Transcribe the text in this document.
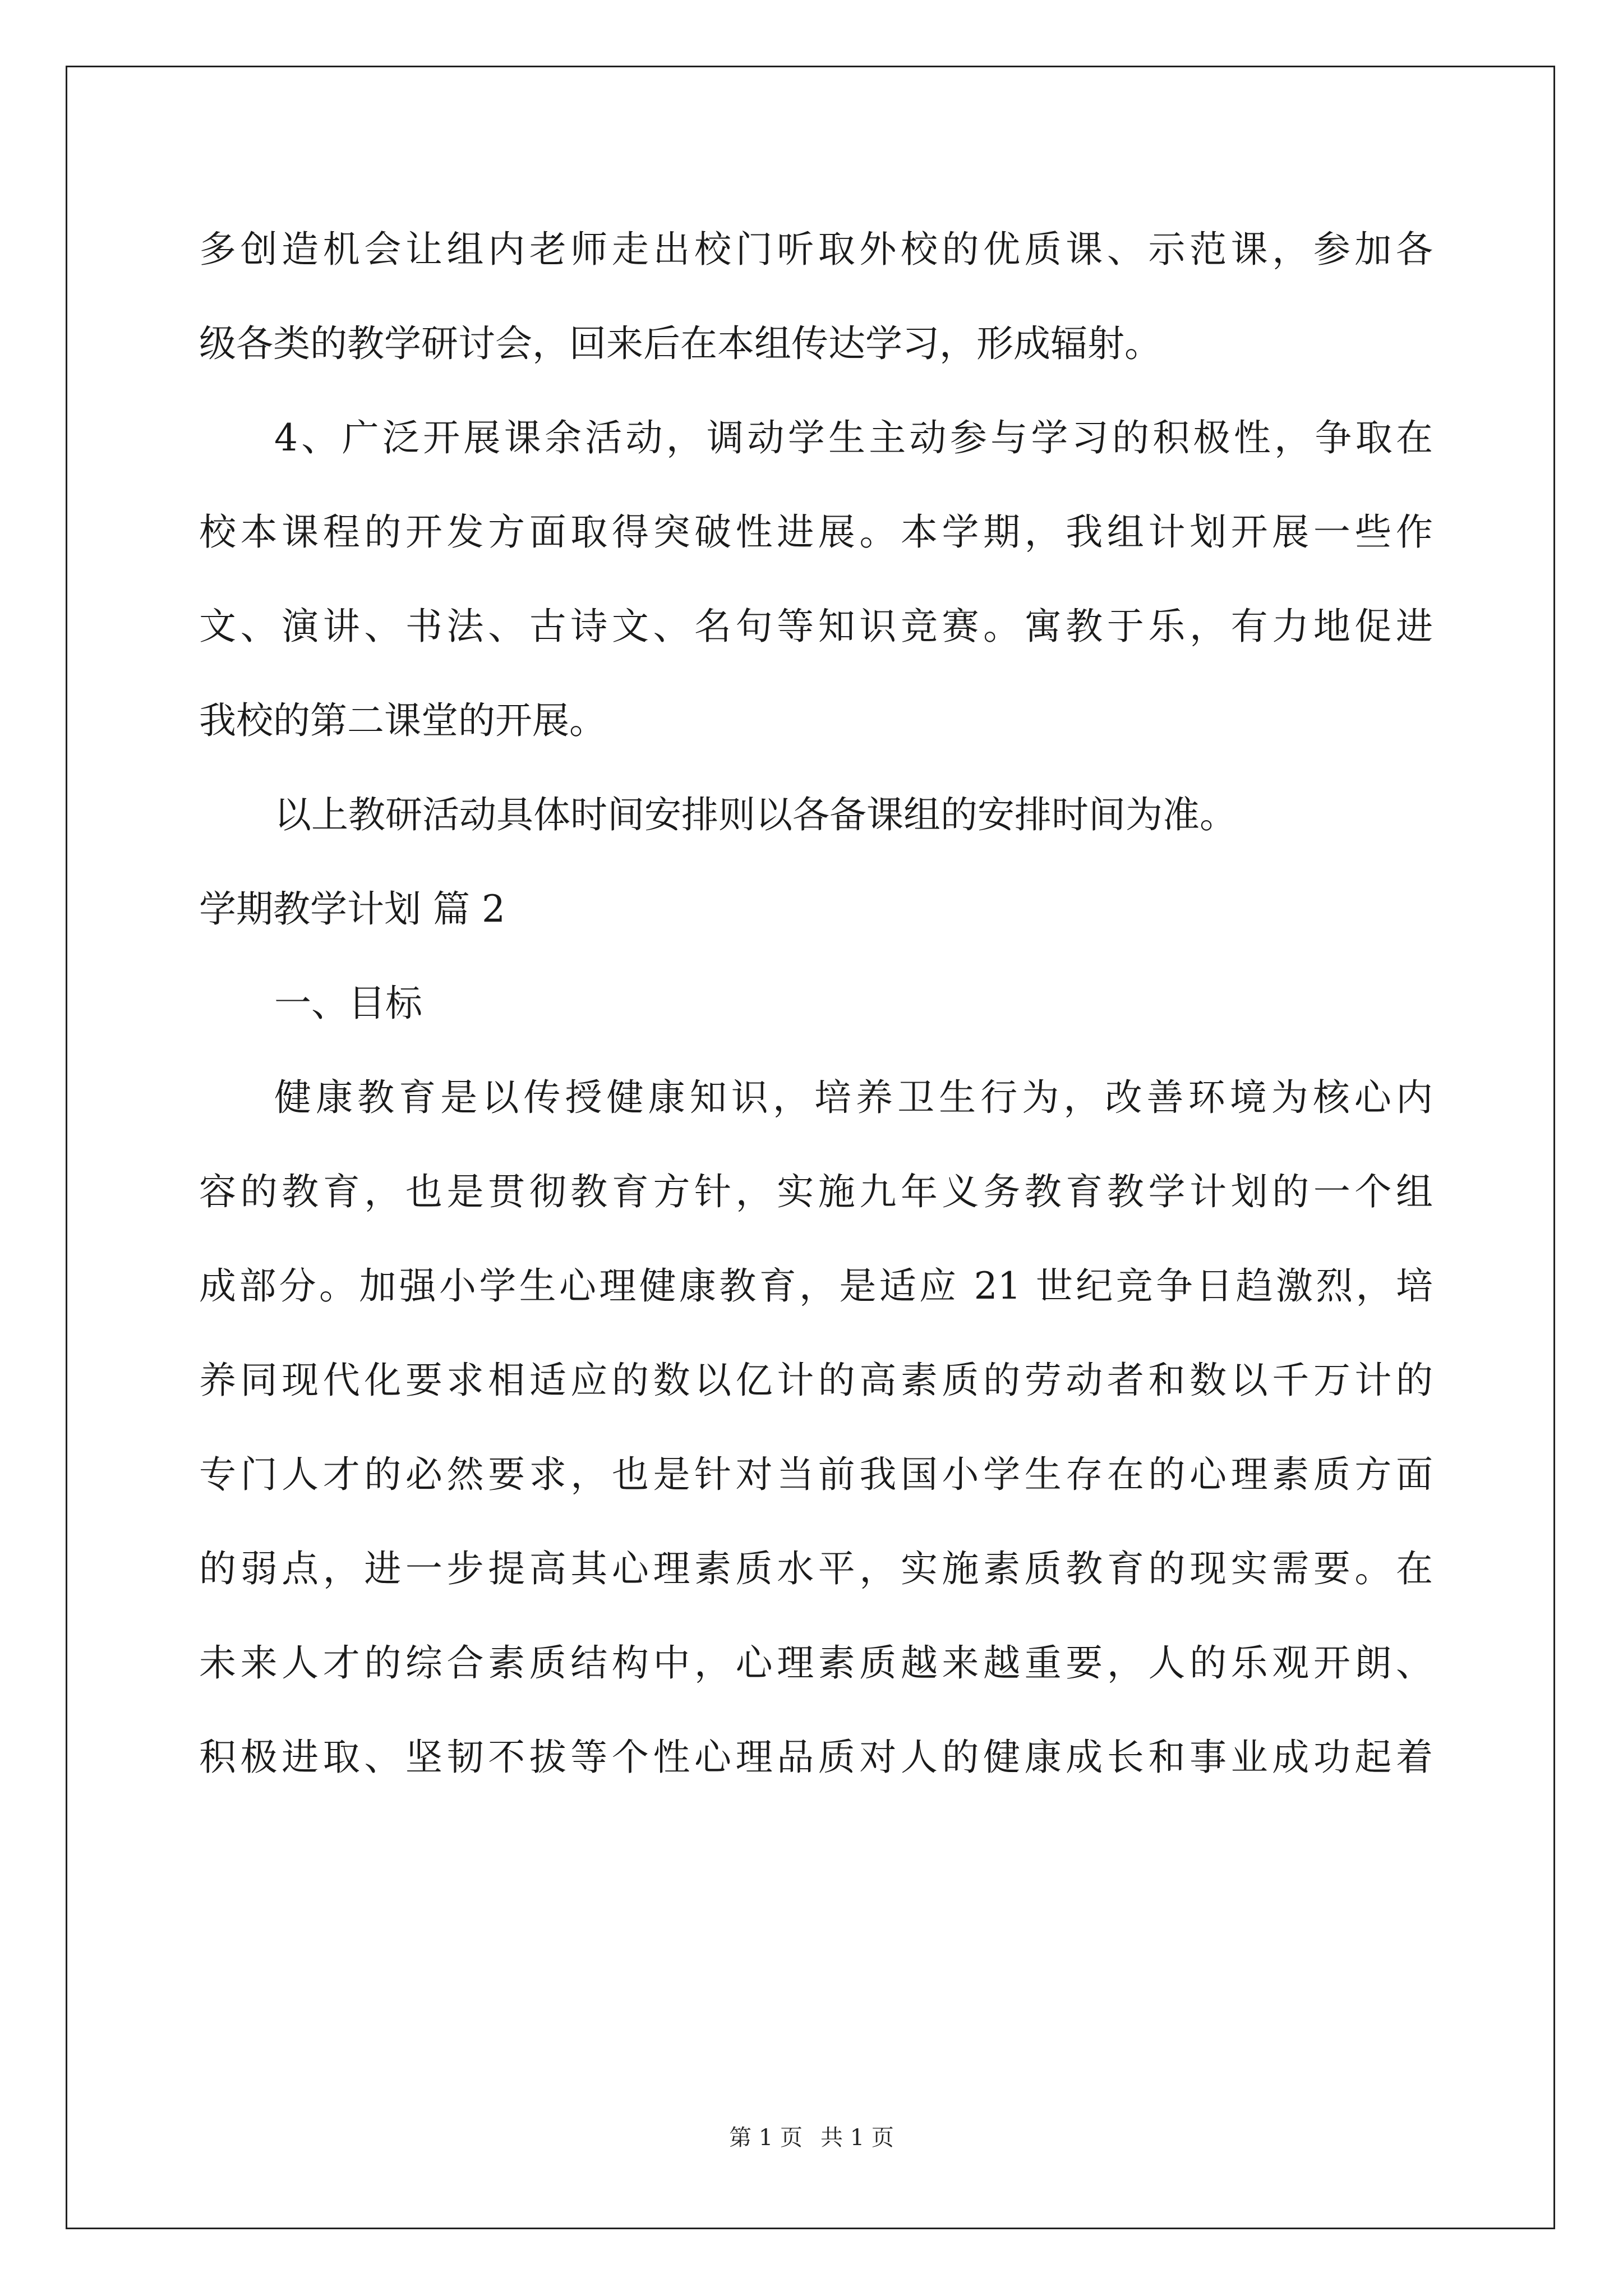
多创造机会让组内老师走出校门听取外校的优质课、示范课，参加各
级各类的教学研讨会，回来后在本组传达学习，形成辐射。
4、广泛开展课余活动，调动学生主动参与学习的积极性，争取在
校本课程的开发方面取得突破性进展。本学期，我组计划开展一些作
文、演讲、书法、古诗文、名句等知识竞赛。寓教于乐，有力地促进
我校的第二课堂的开展。
以上教研活动具体时间安排则以各备课组的安排时间为准。
学期教学计划 篇 2
一、目标
健康教育是以传授健康知识，培养卫生行为，改善环境为核心内
容的教育，也是贯彻教育方针，实施九年义务教育教学计划的一个组
成部分。加强小学生心理健康教育，是适应 21 世纪竞争日趋激烈，培
养同现代化要求相适应的数以亿计的高素质的劳动者和数以千万计的
专门人才的必然要求，也是针对当前我国小学生存在的心理素质方面
的弱点，进一步提高其心理素质水平，实施素质教育的现实需要。在
未来人才的综合素质结构中，心理素质越来越重要，人的乐观开朗、
积极进取、坚韧不拔等个性心理品质对人的健康成长和事业成功起着
第 1 页 共 1 页
